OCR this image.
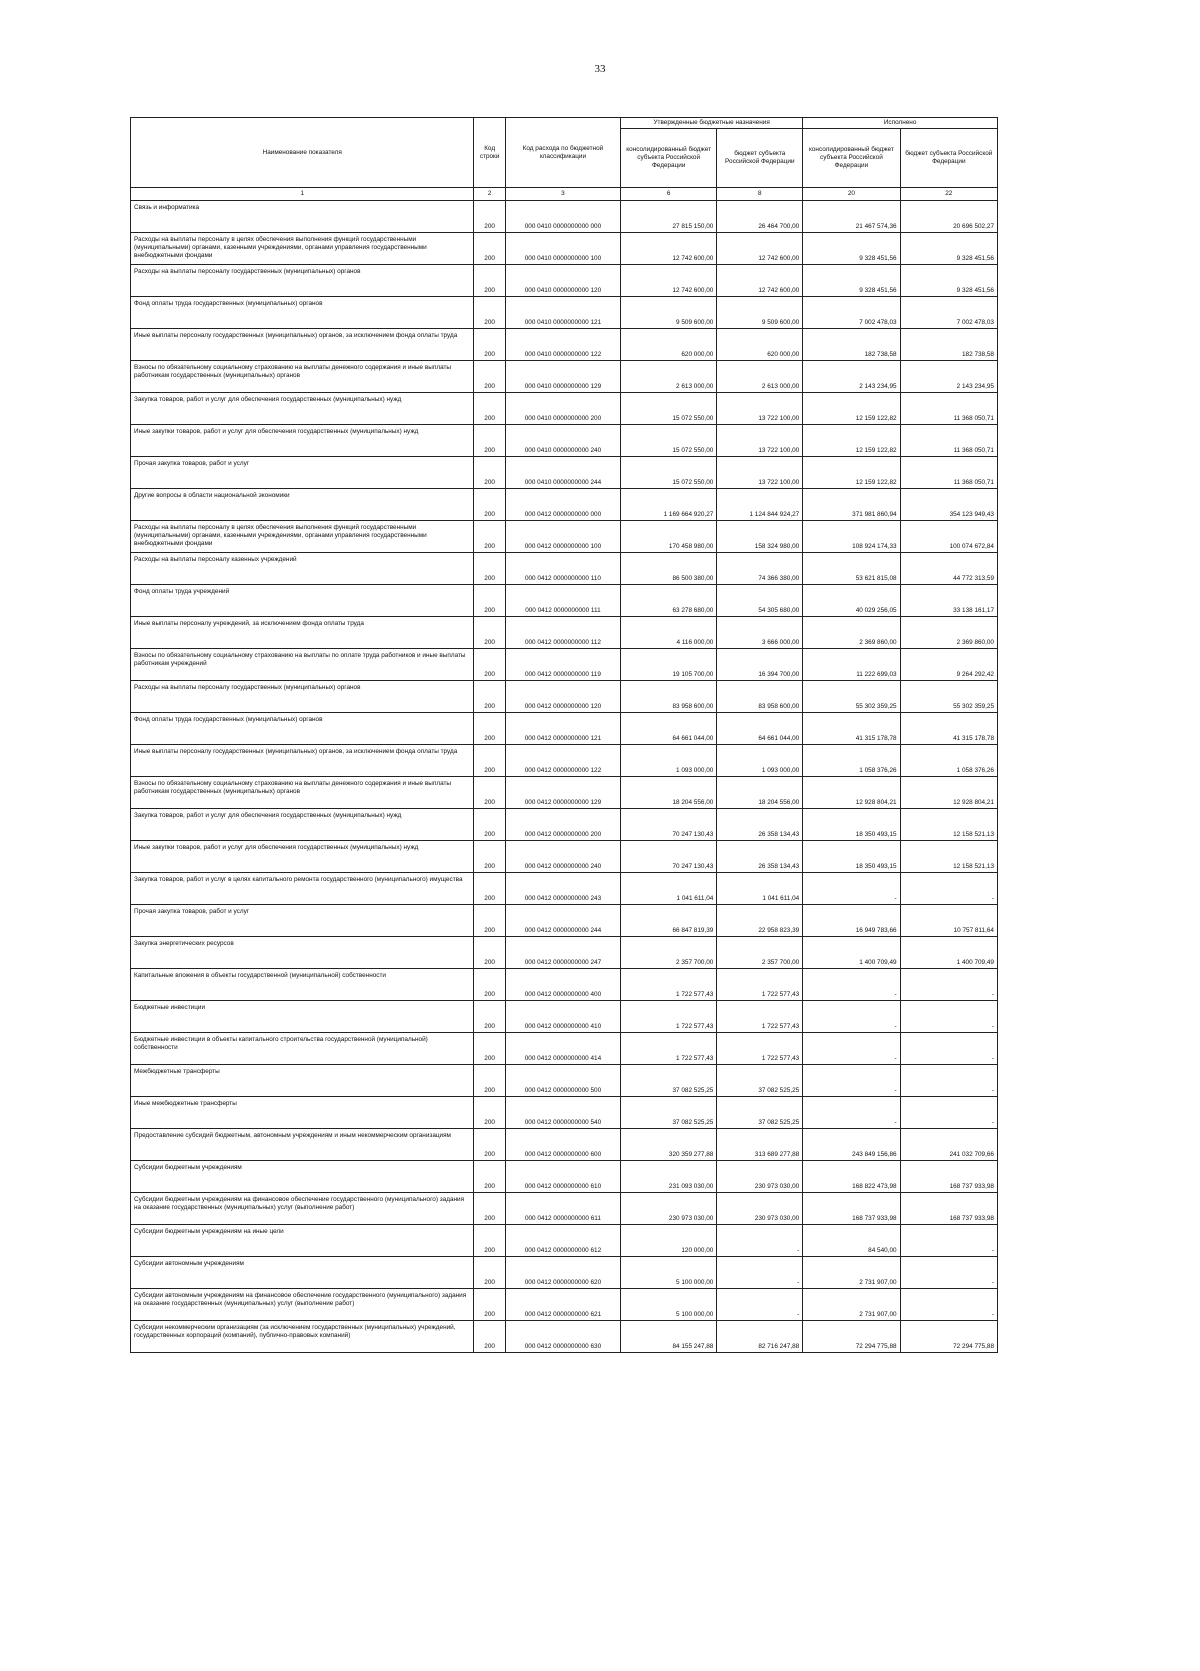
33
Наименование показателя	Код строки	Код расхода по бюджетной классификации	Утвержденные бюджетные назначения		Исполнено	
			консолидированный бюджет субъекта Российской Федерации	бюджет субъекта Российской Федерации	консолидированный бюджет субъекта Российской Федерации	бюджет субъекта Российской Федерации
1	2	3	6	8	20	22
Связь и информатика	200	000 0410 0000000000 000	27 815 150,00	26 464 700,00	21 467 574,36	20 696 502,27
Расходы на выплаты персоналу в целях обеспечения выполнения функций государственными (муниципальными) органами, казенными учреждениями, органами управления государственными внебюджетными фондами	200	000 0410 0000000000 100	12 742 600,00	12 742 600,00	9 328 451,56	9 328 451,56
Расходы на выплаты персоналу государственных (муниципальных) органов	200	000 0410 0000000000 120	12 742 600,00	12 742 600,00	9 328 451,56	9 328 451,56
Фонд оплаты труда государственных (муниципальных) органов	200	000 0410 0000000000 121	9 509 600,00	9 509 600,00	7 002 478,03	7 002 478,03
Иные выплаты персоналу государственных (муниципальных) органов, за исключением фонда оплаты труда	200	000 0410 0000000000 122	620 000,00	620 000,00	182 738,58	182 738,58
Взносы по обязательному социальному страхованию на выплаты денежного содержания и иные выплаты работникам государственных (муниципальных) органов	200	000 0410 0000000000 129	2 613 000,00	2 613 000,00	2 143 234,95	2 143 234,95
Закупка товаров, работ и услуг для обеспечения государственных (муниципальных) нужд	200	000 0410 0000000000 200	15 072 550,00	13 722 100,00	12 159 122,82	11 368 050,71
Иные закупки товаров, работ и услуг для обеспечения государственных (муниципальных) нужд	200	000 0410 0000000000 240	15 072 550,00	13 722 100,00	12 159 122,82	11 368 050,71
Прочая закупка товаров, работ и услуг	200	000 0410 0000000000 244	15 072 550,00	13 722 100,00	12 159 122,82	11 368 050,71
Другие вопросы в области национальной экономики	200	000 0412 0000000000 000	1 169 664 920,27	1 124 844 924,27	371 981 860,94	354 123 949,43
Расходы на выплаты персоналу в целях обеспечения выполнения функций государственными (муниципальными) органами, казенными учреждениями, органами управления государственными внебюджетными фондами	200	000 0412 0000000000 100	170 458 980,00	158 324 980,00	108 924 174,33	100 074 672,84
Расходы на выплаты персоналу казенных учреждений	200	000 0412 0000000000 110	86 500 380,00	74 366 380,00	53 621 815,08	44 772 313,59
Фонд оплаты труда учреждений	200	000 0412 0000000000 111	63 278 680,00	54 305 680,00	40 029 256,05	33 138 161,17
Иные выплаты персоналу учреждений, за исключением фонда оплаты труда	200	000 0412 0000000000 112	4 116 000,00	3 666 000,00	2 369 860,00	2 369 860,00
Взносы по обязательному социальному страхованию на выплаты по оплате труда работников и иные выплаты работникам учреждений	200	000 0412 0000000000 119	19 105 700,00	16 394 700,00	11 222 699,03	9 264 292,42
Расходы на выплаты персоналу государственных (муниципальных) органов	200	000 0412 0000000000 120	83 958 600,00	83 958 600,00	55 302 359,25	55 302 359,25
Фонд оплаты труда государственных (муниципальных) органов	200	000 0412 0000000000 121	64 661 044,00	64 661 044,00	41 315 178,78	41 315 178,78
Иные выплаты персоналу государственных (муниципальных) органов, за исключением фонда оплаты труда	200	000 0412 0000000000 122	1 093 000,00	1 093 000,00	1 058 376,26	1 058 376,26
Взносы по обязательному социальному страхованию на выплаты денежного содержания и иные выплаты работникам государственных (муниципальных) органов	200	000 0412 0000000000 129	18 204 556,00	18 204 556,00	12 928 804,21	12 928 804,21
Закупка товаров, работ и услуг для обеспечения государственных (муниципальных) нужд	200	000 0412 0000000000 200	70 247 130,43	26 358 134,43	18 350 493,15	12 158 521,13
Иные закупки товаров, работ и услуг для обеспечения государственных (муниципальных) нужд	200	000 0412 0000000000 240	70 247 130,43	26 358 134,43	18 350 493,15	12 158 521,13
Закупка товаров, работ и услуг в целях капитального ремонта государственного (муниципального) имущества	200	000 0412 0000000000 243	1 041 611,04	1 041 611,04	-	-
Прочая закупка товаров, работ и услуг	200	000 0412 0000000000 244	66 847 819,39	22 958 823,39	16 949 783,66	10 757 811,64
Закупка энергетических ресурсов	200	000 0412 0000000000 247	2 357 700,00	2 357 700,00	1 400 709,49	1 400 709,49
Капитальные вложения в объекты государственной (муниципальной) собственности	200	000 0412 0000000000 400	1 722 577,43	1 722 577,43	-	-
Бюджетные инвестиции	200	000 0412 0000000000 410	1 722 577,43	1 722 577,43	-	-
Бюджетные инвестиции в объекты капитального строительства государственной (муниципальной) собственности	200	000 0412 0000000000 414	1 722 577,43	1 722 577,43	-	-
Межбюджетные трансферты	200	000 0412 0000000000 500	37 082 525,25	37 082 525,25	-	-
Иные межбюджетные трансферты	200	000 0412 0000000000 540	37 082 525,25	37 082 525,25	-	-
Предоставление субсидий бюджетным, автономным учреждениям и иным некоммерческим организациям	200	000 0412 0000000000 600	320 359 277,88	313 689 277,88	243 849 156,86	241 032 709,66
Субсидии бюджетным учреждениям	200	000 0412 0000000000 610	231 093 030,00	230 973 030,00	168 822 473,98	168 737 933,98
Субсидии бюджетным учреждениям на финансовое обеспечение государственного (муниципального) задания на оказание государственных (муниципальных) услуг (выполнение работ)	200	000 0412 0000000000 611	230 973 030,00	230 973 030,00	168 737 933,98	168 737 933,98
Субсидии бюджетным учреждениям на иные цели	200	000 0412 0000000000 612	120 000,00	-	84 540,00	-
Субсидии автономным учреждениям	200	000 0412 0000000000 620	5 100 000,00	-	2 731 907,00	-
Субсидии автономным учреждениям на финансовое обеспечение государственного (муниципального) задания на оказание государственных (муниципальных) услуг (выполнение работ)	200	000 0412 0000000000 621	5 100 000,00	-	2 731 907,00	-
Субсидии некоммерческим организациям (за исключением государственных (муниципальных) учреждений, государственных корпораций (компаний), публично-правовых компаний)	200	000 0412 0000000000 630	84 155 247,88	82 716 247,88	72 294 775,88	72 294 775,88
